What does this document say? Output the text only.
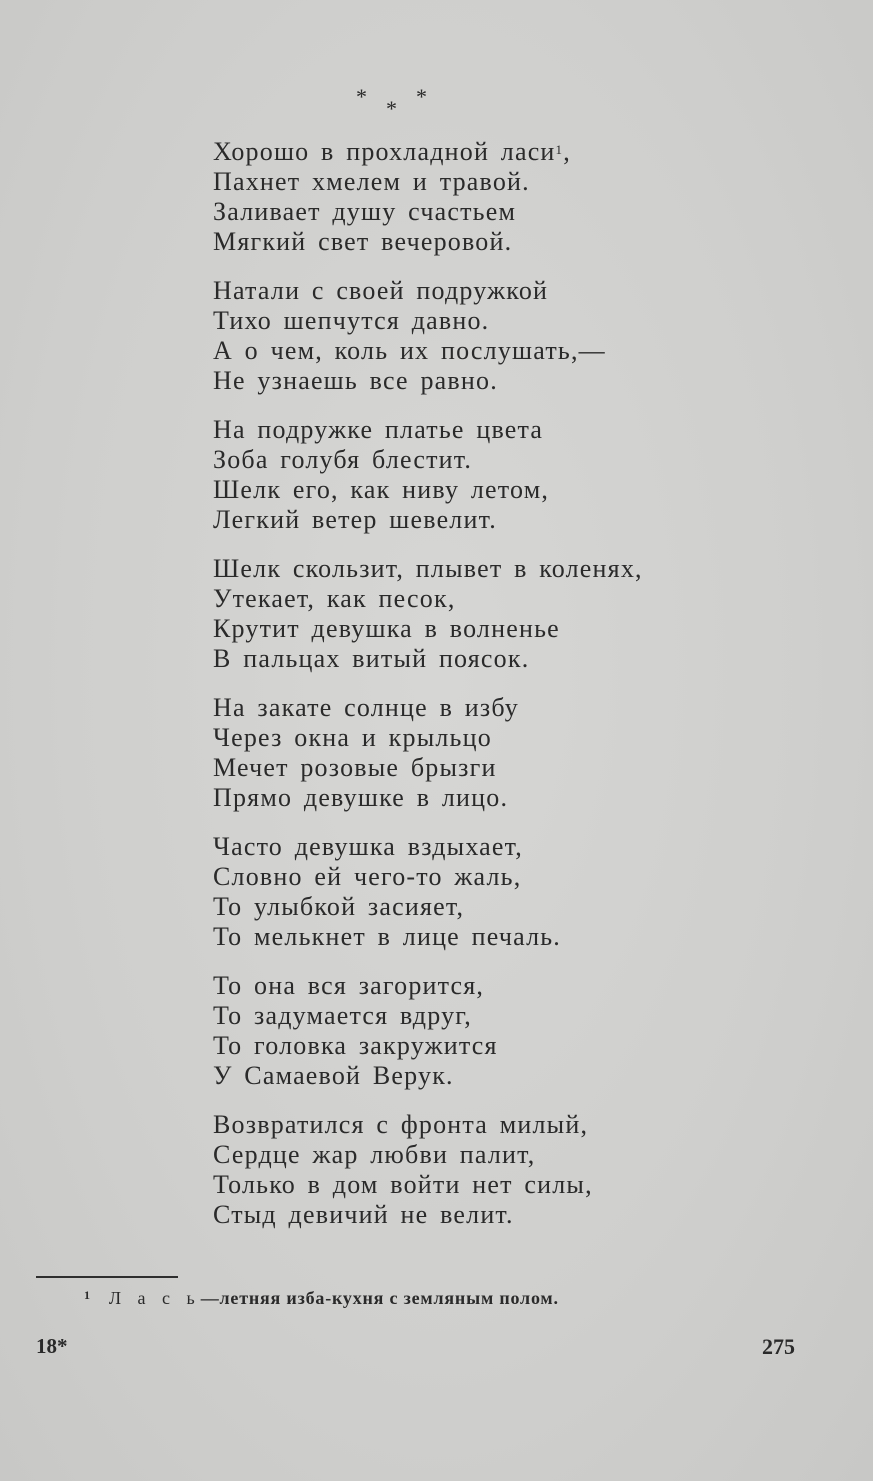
* *
*
Хорошо в прохладной ласи$^1$,
Пахнет хмелем и травой.
Заливает душу счастьем
Мягкий свет вечеровой.
Натали с своей подружкой
Тихо шепчутся давно.
А о чем, коль их послушать,—
Не узнаешь все равно.
На подружке платье цвета
Зоба голубя блестит.
Шелк его, как ниву летом,
Легкий ветер шевелит.
Шелк скользит, плывет в коленях,
Утекает, как песок,
Крутит девушка в волненье
В пальцах витый поясок.
На закате солнце в избу
Через окна и крыльцо
Мечет розовые брызги
Прямо девушке в лицо.
Часто девушка вздыхает,
Словно ей чего-то жаль,
То улыбкой засияет,
То мелькнет в лице печаль.
То она вся загорится,
То задумается вдруг,
То головка закружится
У Самаевой Верук.
Возвратился с фронта милый,
Сердце жар любви палит,
Только в дом войти нет силы,
Стыд девичий не велит.
$^1$ Л а с ь—летняя изба-кухня с земляным полом.
18*	275
